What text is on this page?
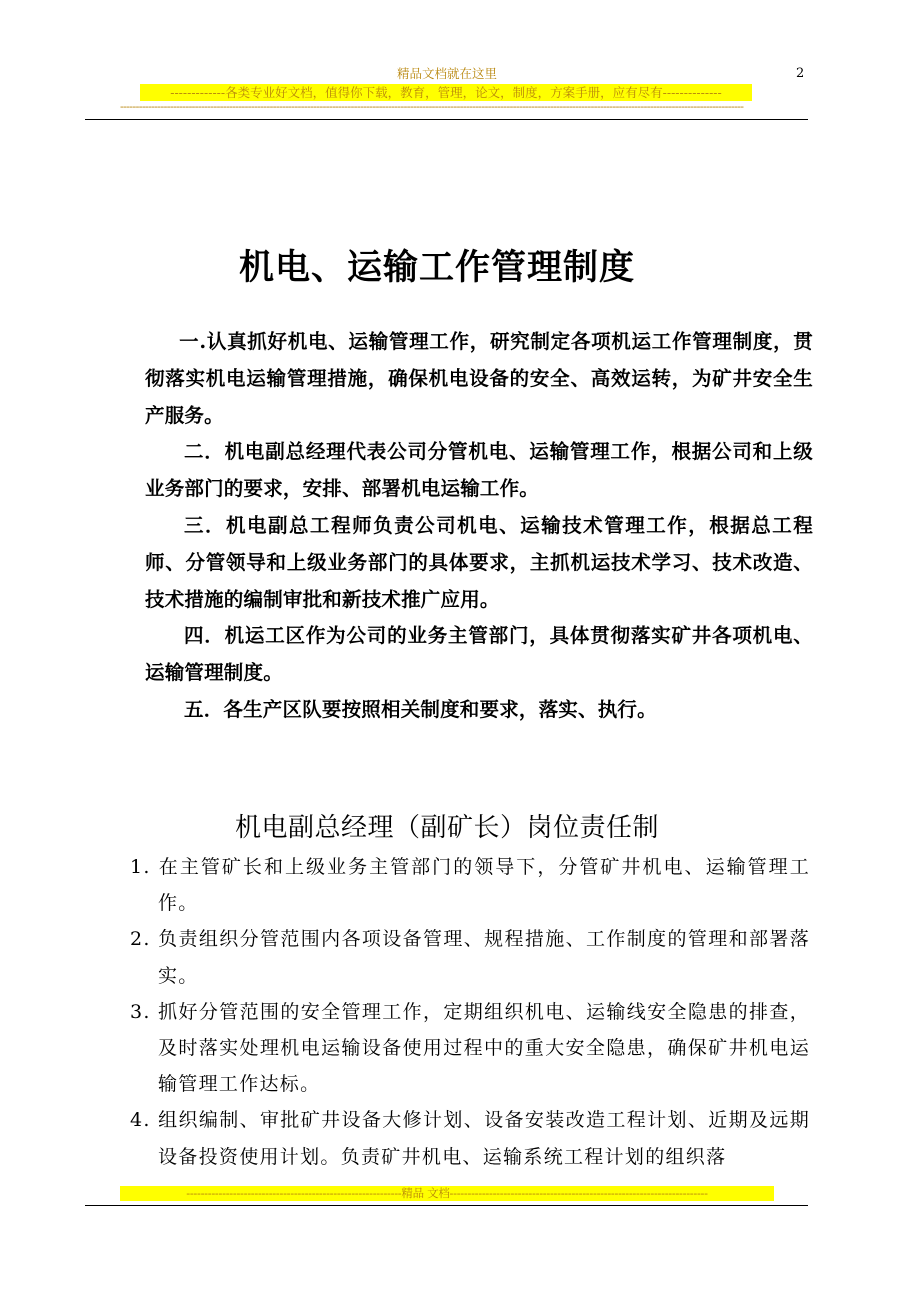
精品文档就在这里	2
-------------各类专业好文档，值得你下载，教育，管理，论文，制度，方案手册，应有尽有--------------
--------------------------------------------------------------------------------------------------------------------------------------------------------------------------------------------------------
机电、运输工作管理制度

一.认真抓好机电、运输管理工作，研究制定各项机运工作管理制度，贯彻落实机电运输管理措施，确保机电设备的安全、高效运转，为矿井安全生产服务。

二．机电副总经理代表公司分管机电、运输管理工作，根据公司和上级业务部门的要求，安排、部署机电运输工作。

三．机电副总工程师负责公司机电、运输技术管理工作，根据总工程师、分管领导和上级业务部门的具体要求，主抓机运技术学习、技术改造、技术措施的编制审批和新技术推广应用。

四．机运工区作为公司的业务主管部门，具体贯彻落实矿井各项机电、运输管理制度。

五．各生产区队要按照相关制度和要求，落实、执行。

机电副总经理（副矿长）岗位责任制
1. 在主管矿长和上级业务主管部门的领导下，分管矿井机电、运输管理工作。
2. 负责组织分管范围内各项设备管理、规程措施、工作制度的管理和部署落实。
3. 抓好分管范围的安全管理工作，定期组织机电、运输线安全隐患的排查，及时落实处理机电运输设备使用过程中的重大安全隐患，确保矿井机电运输管理工作达标。
4. 组织编制、审批矿井设备大修计划、设备安装改造工程计划、近期及远期设备投资使用计划。负责矿井机电、运输系统工程计划的组织落
------------------------------------------------------------精品 文档------------------------------------------------------------------------
